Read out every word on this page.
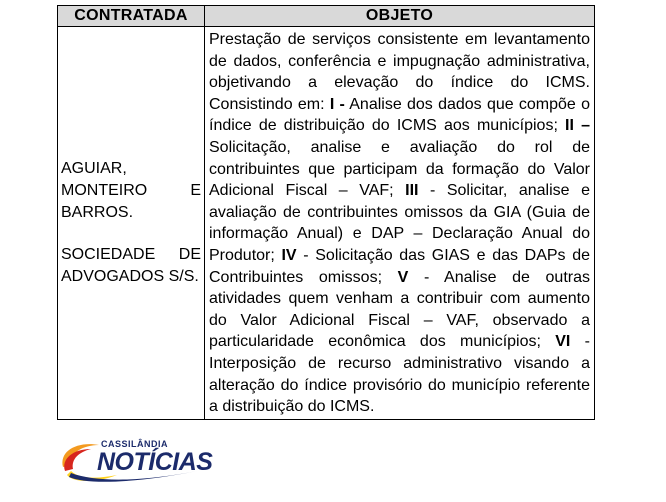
CONTRATADA	OBJETO

AGUIAR, MONTEIRO E BARROS.

SOCIEDADE DE ADVOGADOS S/S.	Prestação de serviços consistente em levantamento de dados, conferência e impugnação administrativa, objetivando a elevação do índice do ICMS. Consistindo em: I - Analise dos dados que compõe o índice de distribuição do ICMS aos municípios; II – Solicitação, analise e avaliação do rol de contribuintes que participam da formação do Valor Adicional Fiscal – VAF; III - Solicitar, analise e avaliação de contribuintes omissos da GIA (Guia de informação Anual) e DAP – Declaração Anual do Produtor; IV - Solicitação das GIAS e das DAPs de Contribuintes omissos; V - Analise de outras atividades quem venham a contribuir com aumento do Valor Adicional Fiscal – VAF, observado a particularidade econômica dos municípios; VI - Interposição de recurso administrativo visando a alteração do índice provisório do município referente a distribuição do ICMS.
CASSILÂNDIA
NOTÍCIAS
